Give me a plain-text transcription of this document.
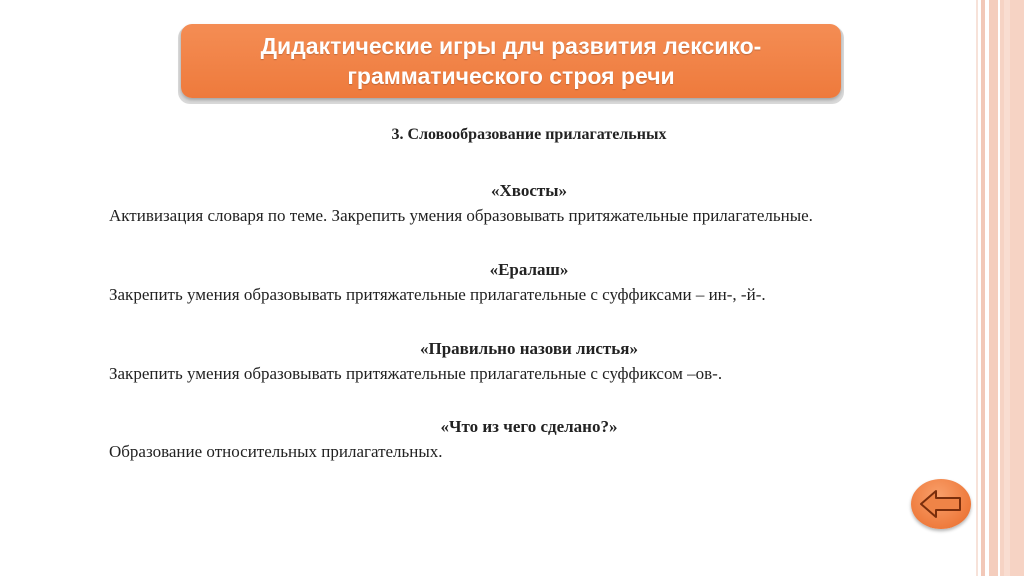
Дидактические игры длч развития лексико-грамматического строя речи
3. Словообразование прилагательных
«Хвосты»
Активизация словаря по теме. Закрепить умения образовывать притяжательные прилагательные.
«Ералаш»
Закрепить умения образовывать притяжательные прилагательные с суффиксами – ин-, -й-.
«Правильно назови листья»
Закрепить умения образовывать притяжательные прилагательные с суффиксом –ов-.
«Что из чего сделано?»
Образование относительных прилагательных.
